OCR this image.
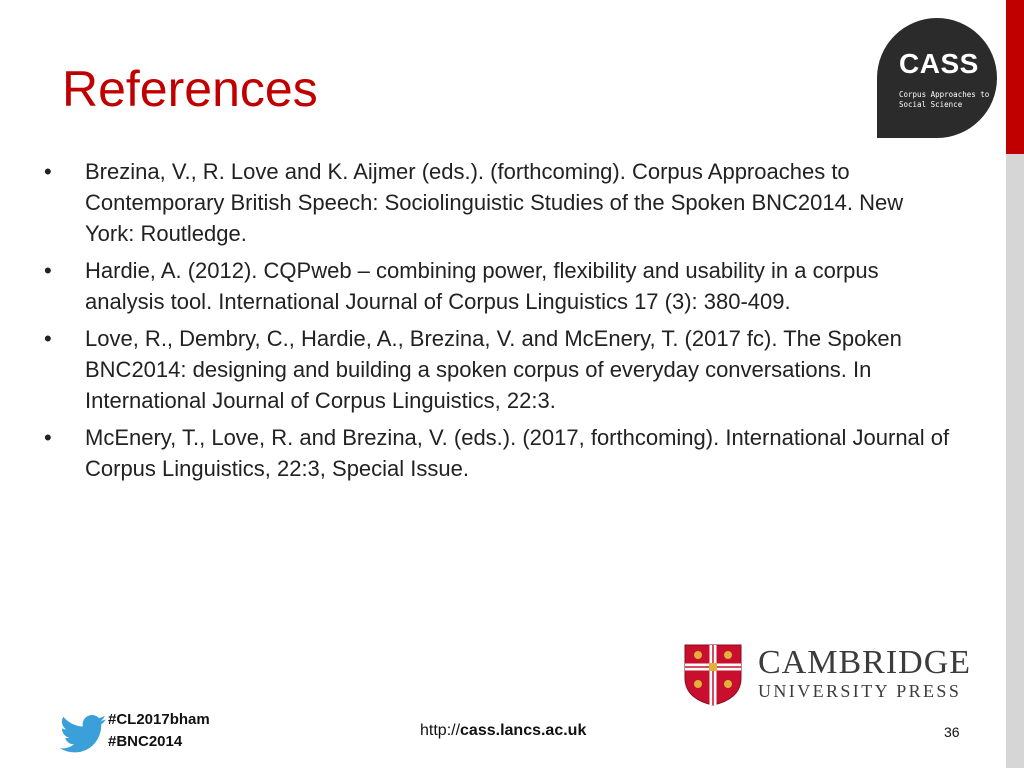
CASS
Corpus Approaches to Social Science
References
• Brezina, V., R. Love and K. Aijmer (eds.). (forthcoming). Corpus Approaches to Contemporary British Speech: Sociolinguistic Studies of the Spoken BNC2014. New York: Routledge.
• Hardie, A. (2012). CQPweb – combining power, flexibility and usability in a corpus analysis tool. International Journal of Corpus Linguistics 17 (3): 380-409.
• Love, R., Dembry, C., Hardie, A., Brezina, V. and McEnery, T. (2017 fc). The Spoken BNC2014: designing and building a spoken corpus of everyday conversations. In International Journal of Corpus Linguistics, 22:3.
• McEnery, T., Love, R. and Brezina, V. (eds.). (2017, forthcoming). International Journal of Corpus Linguistics, 22:3, Special Issue.
CAMBRIDGE
UNIVERSITY PRESS
#CL2017bham
#BNC2014
http://cass.lancs.ac.uk	36
